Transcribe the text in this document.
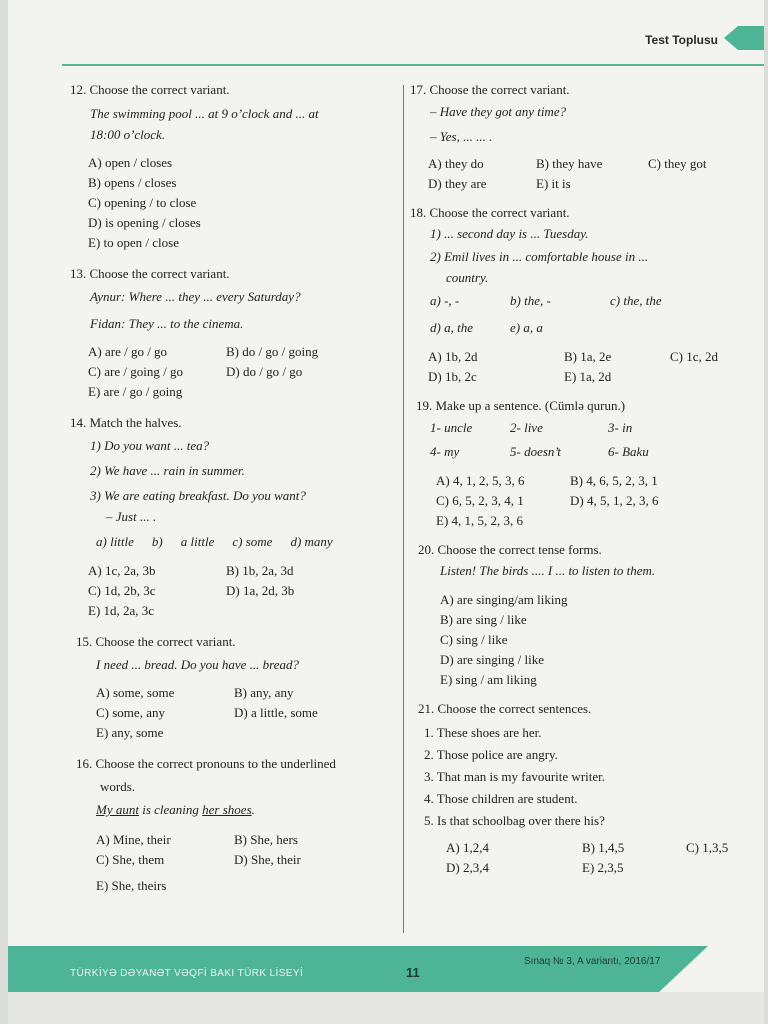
Test Toplusu
12. Choose the correct variant.
The swimming pool ... at 9 o’clock and ... at
18:00 o’clock.
A) open / closes
B) opens / closes
C) opening / to close
D) is opening / closes
E) to open / close
13. Choose the correct variant.
Aynur: Where ... they ... every Saturday?
Fidan: They ... to the cinema.
A) are / go / go	B) do / go / going
C) are / going / go	D) do / go / go
E) are / go / going
14. Match the halves.
1) Do you want ... tea?
2) We have ... rain in summer.
3) We are eating breakfast. Do you want?
– Just ... .
a) little b) a little c) some d) many
A) 1c, 2a, 3b	B) 1b, 2a, 3d
C) 1d, 2b, 3c	D) 1a, 2d, 3b
E) 1d, 2a, 3c
15. Choose the correct variant.
I need ... bread. Do you have ... bread?
A) some, some	B) any, any
C) some, any	D) a little, some
E) any, some
16. Choose the correct pronouns to the underlined
words.
My aunt is cleaning her shoes.
A) Mine, their	B) She, hers
C) She, them	D) She, their
E) She, theirs
17. Choose the correct variant.
– Have they got any time?
– Yes, ... ... .
A) they do	B) they have	C) they got
D) they are	E) it is
18. Choose the correct variant.
1) ... second day is ... Tuesday.
2) Emil lives in ... comfortable house in ...
country.
a) -, -	b) the, -	c) the, the
d) a, the	e) a, a
A) 1b, 2d	B) 1a, 2e	C) 1c, 2d
D) 1b, 2c	E) 1a, 2d
19. Make up a sentence. (Cümlə qurun.)
1- uncle	2- live	3- in
4- my	5- doesn’t	6- Baku
A) 4, 1, 2, 5, 3, 6	B) 4, 6, 5, 2, 3, 1
C) 6, 5, 2, 3, 4, 1	D) 4, 5, 1, 2, 3, 6
E) 4, 1, 5, 2, 3, 6
20. Choose the correct tense forms.
Listen! The birds .... I ... to listen to them.
A) are singing/am liking
B) are sing / like
C) sing / like
D) are singing / like
E) sing / am liking
21. Choose the correct sentences.
1. These shoes are her.
2. Those police are angry.
3. That man is my favourite writer.
4. Those children are student.
5. Is that schoolbag over there his?
A) 1,2,4	B) 1,4,5	C) 1,3,5
D) 2,3,4	E) 2,3,5
TÜRKİYƏ DƏYANƏT VƏQFİ BAKI TÜRK LİSEYİ	11
Sınaq № 3, A variantı, 2016/17
